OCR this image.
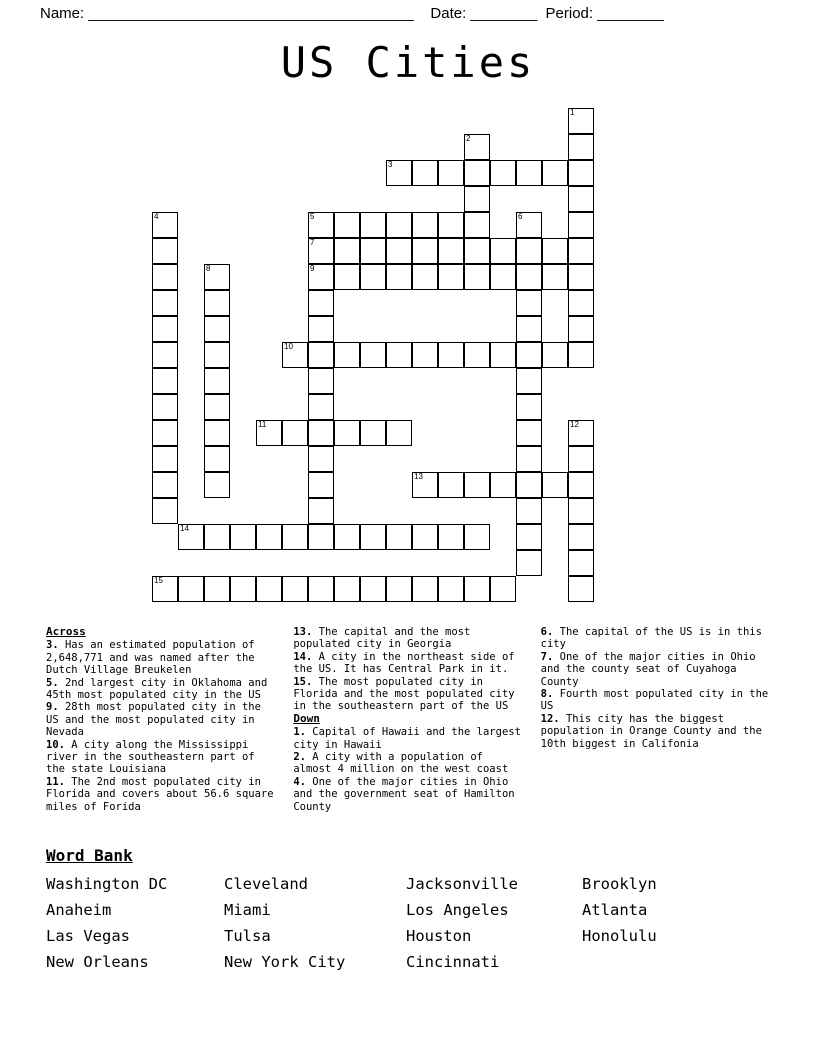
Name: _______________________________________
Date: ________
Period: ________
US Cities
1
2
3
4	5	6
7
8	9
10
11	12
13
14
15
Across
3. Has an estimated population of 2,648,771 and was named after the Dutch Village Breukelen
5. 2nd largest city in Oklahoma and 45th most populated city in the US
9. 28th most populated city in the US and the most populated city in Nevada
10. A city along the Mississippi river in the southeastern part of the state Louisiana
11. The 2nd most populated city in Florida and covers about 56.6 square miles of Forida
13. The capital and the most populated city in Georgia
14. A city in the northeast side of the US. It has Central Park in it.
15. The most populated city in Florida and the most populated city in the southeastern part of the US
Down
1. Capital of Hawaii and the largest city in Hawaii
2. A city with a population of almost 4 million on the west coast
4. One of the major cities in Ohio and the government seat of Hamilton County
6. The capital of the US is in this city
7. One of the major cities in Ohio and the county seat of Cuyahoga County
8. Fourth most populated city in the US
12. This city has the biggest population in Orange County and the 10th biggest in Califonia
Word Bank
Washington DC	Cleveland	Jacksonville	Brooklyn
Anaheim	Miami	Los Angeles	Atlanta
Las Vegas	Tulsa	Houston	Honolulu
New Orleans	New York City	Cincinnati
